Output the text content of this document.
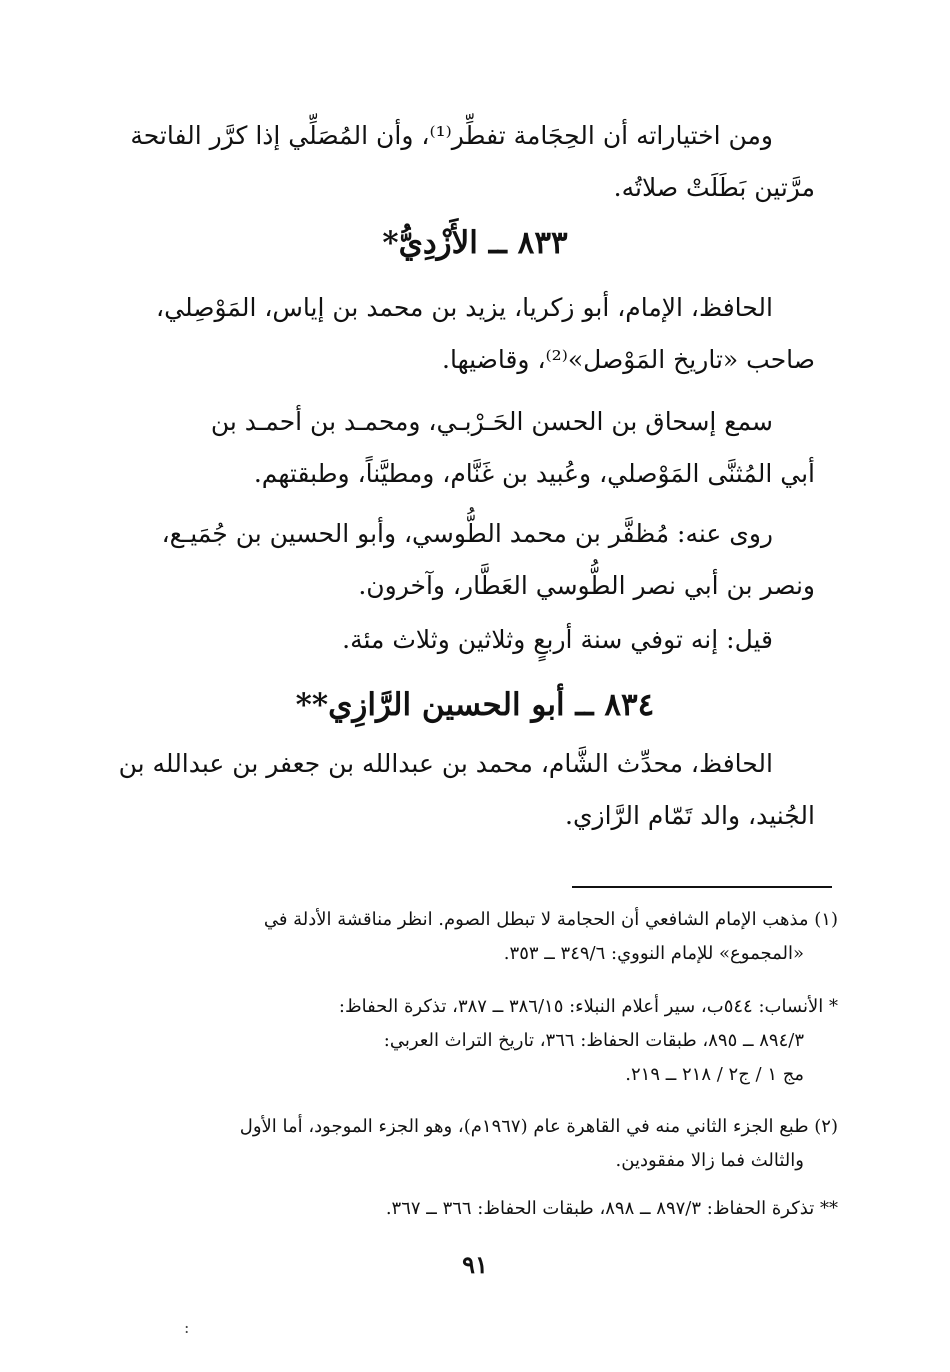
ومن اختياراته أن الحِجَامة تفطِّر⁽¹⁾، وأن المُصَلِّي إذا كرَّر الفاتحة
مرَّتين بَطَلَتْ صلاتُه.
٨٣٣ ــ الأَزْدِيُّ*
الحافظ، الإمام، أبو زكريا، يزيد بن محمد بن إياس، المَوْصِلي،
صاحب «تاريخ المَوْصل»⁽²⁾، وقاضيها.
سمع إسحاق بن الحسن الحَـرْبـي، ومحمـد بن أحمـد بن
أبي المُثنَّى المَوْصلي، وعُبيد بن غَنَّام، ومطيَّناً، وطبقتهم.
روى عنه: مُظفَّر بن محمد الطُّوسي، وأبو الحسين بن جُمَيـع،
ونصر بن أبي نصر الطُّوسي العَطَّار، وآخرون.
قيل: إنه توفي سنة أربعٍ وثلاثين وثلاث مئة.
٨٣٤ ــ أبو الحسين الرَّازِي**
الحافظ، محدِّث الشَّام، محمد بن عبدالله بن جعفر بن عبدالله بن
الجُنيد، والد تَمّام الرَّازي.
(١) مذهب الإمام الشافعي أن الحجامة لا تبطل الصوم. انظر مناقشة الأدلة في
«المجموع» للإمام النووي: ٣٤٩/٦ ــ ٣٥٣.
* الأنساب: ٥٤٤ب، سير أعلام النبلاء: ٣٨٦/١٥ ــ ٣٨٧، تذكرة الحفاظ:
٨٩٤/٣ ــ ٨٩٥، طبقات الحفاظ: ٣٦٦، تاريخ التراث العربي:
مج ١ / ج٢ / ٢١٨ ــ ٢١٩.
(٢) طبع الجزء الثاني منه في القاهرة عام (١٩٦٧م)، وهو الجزء الموجود، أما الأول
والثالث فما زالا مفقودين.
** تذكرة الحفاظ: ٨٩٧/٣ ــ ٨٩٨، طبقات الحفاظ: ٣٦٦ ــ ٣٦٧.
٩١
:
